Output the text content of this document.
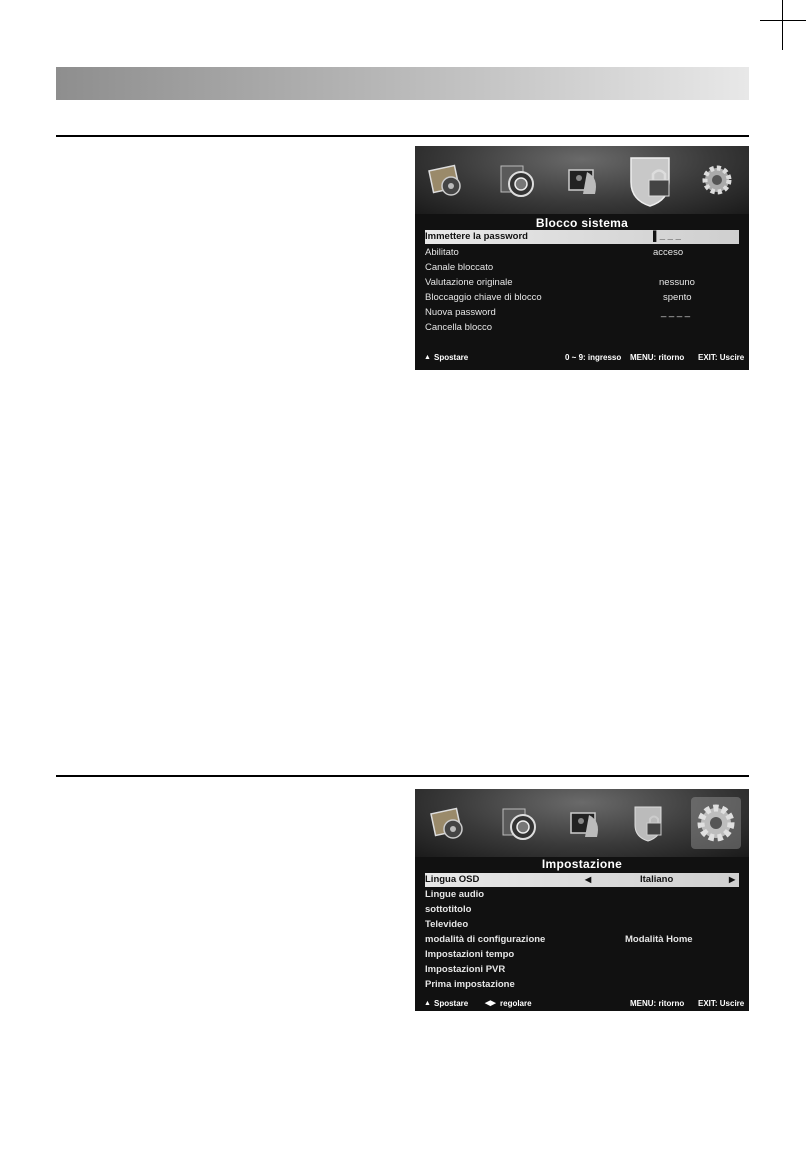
Blocco sistema
Immettere la password	▌_ _ _
Abilitato	acceso
Canale bloccato
Valutazione originale	nessuno
Bloccaggio chiave di blocco	spento
Nuova password	_ _ _ _
Cancella blocco
▲ Spostare	0 ~ 9: ingresso MENU: ritorno EXIT: Uscire
Impostazione
Lingua OSD	◀	Italiano	▶
Lingue audio
sottotitolo
Televideo
modalità di configurazione	Modalità Home
Impostazioni tempo
Impostazioni PVR
Prima impostazione
▲ Spostare ◀▶ regolare	MENU: ritorno EXIT: Uscire
